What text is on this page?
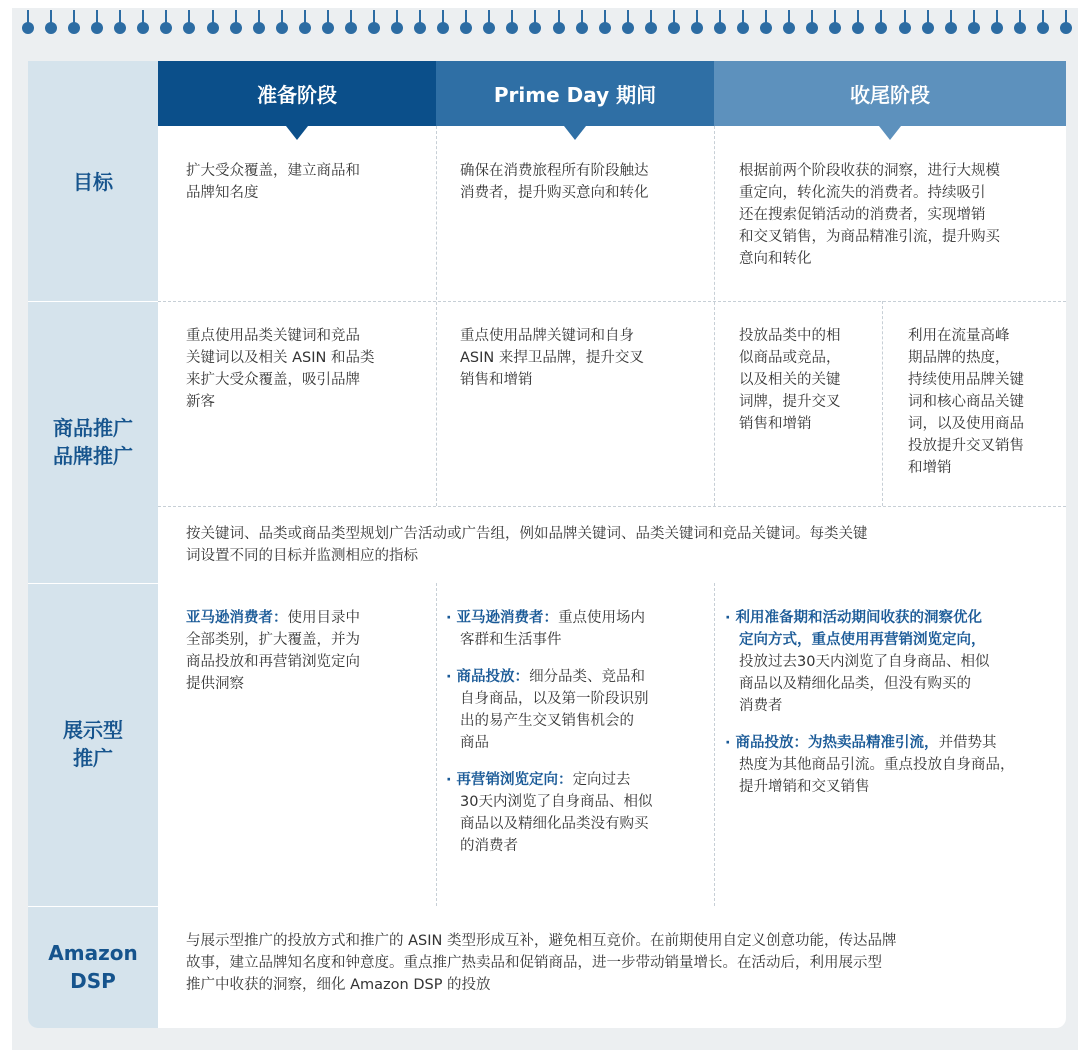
目标
商品推广
品牌推广
展示型
推广
Amazon
DSP
准备阶段	Prime Day 期间	收尾阶段
扩大受众覆盖，建立商品和
品牌知名度
确保在消费旅程所有阶段触达
消费者，提升购买意向和转化
根据前两个阶段收获的洞察，进行大规模
重定向，转化流失的消费者。持续吸引
还在搜索促销活动的消费者，实现增销
和交叉销售，为商品精准引流，提升购买
意向和转化
重点使用品类关键词和竞品
关键词以及相关 ASIN 和品类
来扩大受众覆盖，吸引品牌
新客
重点使用品牌关键词和自身
ASIN 来捍卫品牌，提升交叉
销售和增销
投放品类中的相
似商品或竞品，
以及相关的关键
词牌，提升交叉
销售和增销
利用在流量高峰
期品牌的热度，
持续使用品牌关键
词和核心商品关键
词，以及使用商品
投放提升交叉销售
和增销
按关键词、品类或商品类型规划广告活动或广告组，例如品牌关键词、品类关键词和竞品关键词。每类关键
词设置不同的目标并监测相应的指标
亚马逊消费者：使用目录中
全部类别，扩大覆盖，并为
商品投放和再营销浏览定向
提供洞察
· 亚马逊消费者：重点使用场内
客群和生活事件
· 商品投放：细分品类、竞品和
自身商品，以及第一阶段识别
出的易产生交叉销售机会的
商品
· 再营销浏览定向：定向过去
30天内浏览了自身商品、相似
商品以及精细化品类没有购买
的消费者
· 利用准备期和活动期间收获的洞察优化
定向方式，重点使用再营销浏览定向，
投放过去30天内浏览了自身商品、相似
商品以及精细化品类，但没有购买的
消费者
· 商品投放：为热卖品精准引流，并借势其
热度为其他商品引流。重点投放自身商品，
提升增销和交叉销售
与展示型推广的投放方式和推广的 ASIN 类型形成互补，避免相互竞价。在前期使用自定义创意功能，传达品牌
故事，建立品牌知名度和钟意度。重点推广热卖品和促销商品，进一步带动销量增长。在活动后，利用展示型
推广中收获的洞察，细化 Amazon DSP 的投放
